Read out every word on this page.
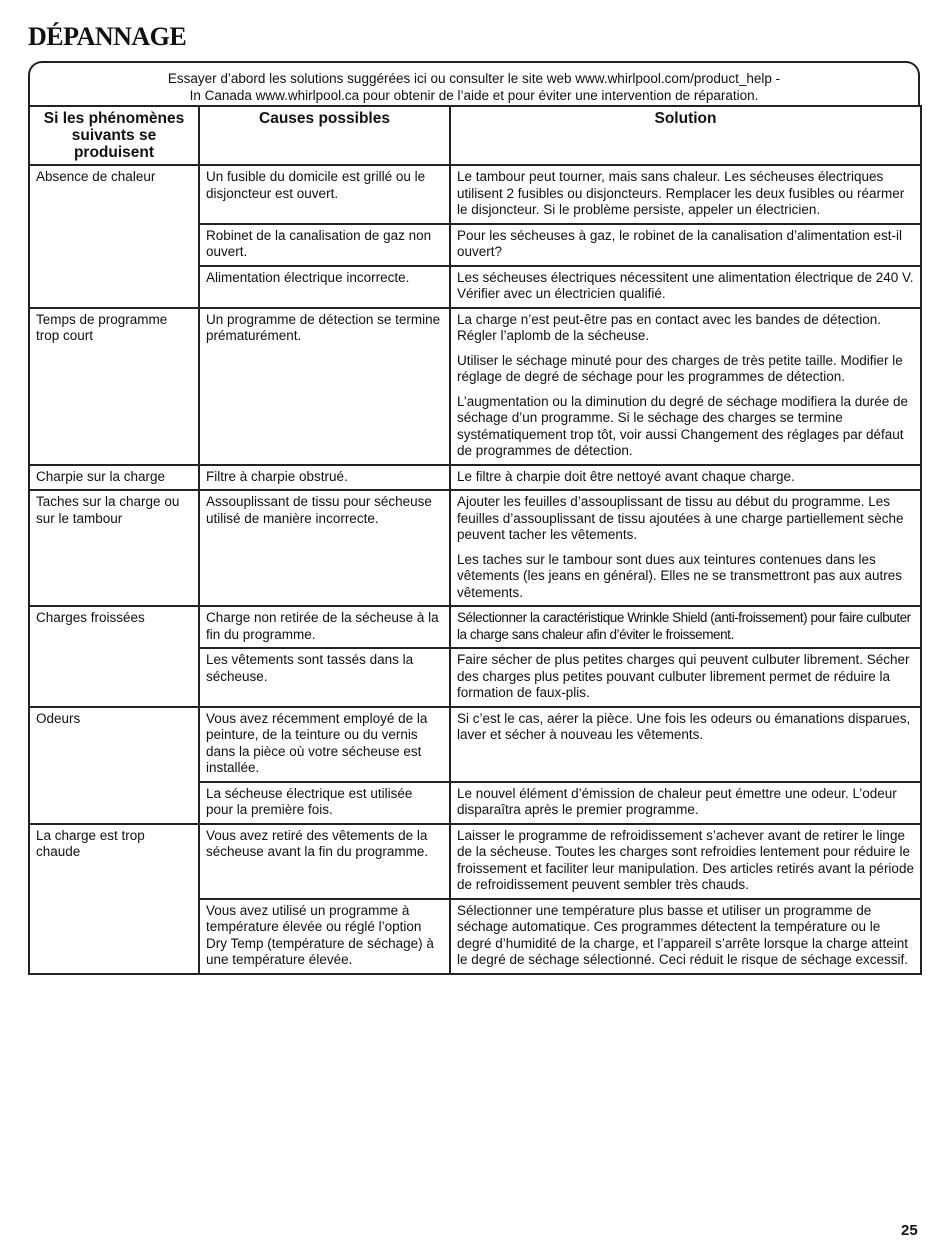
DÉPANNAGE
Essayer d’abord les solutions suggérées ici ou consulter le site web www.whirlpool.com/product_help -
In Canada www.whirlpool.ca pour obtenir de l’aide et pour éviter une intervention de réparation.
Si les phénomènes suivants se produisent	Causes possibles	Solution
Absence de chaleur	Un fusible du domicile est grillé ou le disjoncteur est ouvert.	Le tambour peut tourner, mais sans chaleur. Les sécheuses électriques utilisent 2 fusibles ou disjoncteurs. Remplacer les deux fusibles ou réarmer le disjoncteur. Si le problème persiste, appeler un électricien.

	Robinet de la canalisation de gaz non ouvert.	Pour les sécheuses à gaz, le robinet de la canalisation d’alimentation est-il ouvert?

	Alimentation électrique incorrecte.	Les sécheuses électriques nécessitent une alimentation électrique de 240 V. Vérifier avec un électricien qualifié.

Temps de programme trop court	Un programme de détection se termine prématurément.	La charge n’est peut-être pas en contact avec les bandes de détection. Régler l’aplomb de la sécheuse.

Utiliser le séchage minuté pour des charges de très petite taille. Modifier le réglage de degré de séchage pour les programmes de détection.

L’augmentation ou la diminution du degré de séchage modifiera la durée de séchage d’un programme. Si le séchage des charges se termine systématiquement trop tôt, voir aussi Changement des réglages par défaut de programmes de détection.

Charpie sur la charge	Filtre à charpie obstrué.	Le filtre à charpie doit être nettoyé avant chaque charge.

Taches sur la charge ou sur le tambour	Assouplissant de tissu pour sécheuse utilisé de manière incorrecte.	Ajouter les feuilles d’assouplissant de tissu au début du programme. Les feuilles d’assouplissant de tissu ajoutées à une charge partiellement sèche peuvent tacher les vêtements.

Les taches sur le tambour sont dues aux teintures contenues dans les vêtements (les jeans en général). Elles ne se transmettront pas aux autres vêtements.

Charges froissées	Charge non retirée de la sécheuse à la fin du programme.	Sélectionner la caractéristique Wrinkle Shield (anti-froissement) pour faire culbuter la charge sans chaleur afin d’éviter le froissement.

	Les vêtements sont tassés dans la sécheuse.	Faire sécher de plus petites charges qui peuvent culbuter librement. Sécher des charges plus petites pouvant culbuter librement permet de réduire la formation de faux-plis.

Odeurs	Vous avez récemment employé de la peinture, de la teinture ou du vernis dans la pièce où votre sécheuse est installée.	Si c’est le cas, aérer la pièce. Une fois les odeurs ou émanations disparues, laver et sécher à nouveau les vêtements.

	La sécheuse électrique est utilisée pour la première fois.	Le nouvel élément d’émission de chaleur peut émettre une odeur. L’odeur disparaîtra après le premier programme.

La charge est trop chaude	Vous avez retiré des vêtements de la sécheuse avant la fin du programme.	Laisser le programme de refroidissement s’achever avant de retirer le linge de la sécheuse. Toutes les charges sont refroidies lentement pour réduire le froissement et faciliter leur manipulation. Des articles retirés avant la période de refroidissement peuvent sembler très chauds.

	Vous avez utilisé un programme à température élevée ou réglé l’option Dry Temp (température de séchage) à une température élevée.	Sélectionner une température plus basse et utiliser un programme de séchage automatique. Ces programmes détectent la température ou le degré d’humidité de la charge, et l’appareil s’arrête lorsque la charge atteint le degré de séchage sélectionné. Ceci réduit le risque de séchage excessif.

25
